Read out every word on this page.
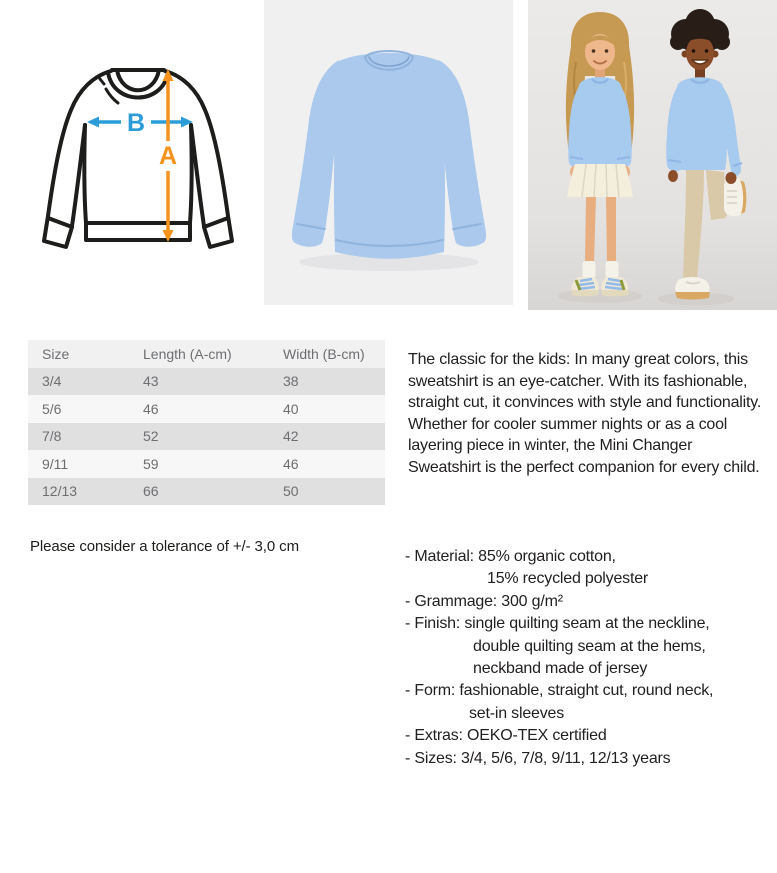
B
A
Size	Length (A-cm)	Width (B-cm)
3/4	43	38
5/6	46	40
7/8	52	42
9/11	59	46
12/13	66	50

Please consider a tolerance of +/- 3,0 cm

The classic for the kids: In many great colors, this sweatshirt is an eye-catcher. With its fashionable, straight cut, it convinces with style and functionality. Whether for cooler summer nights or as a cool layering piece in winter, the Mini Changer Sweatshirt is the perfect companion for every child.

- Material: 85% organic cotton,
15% recycled polyester
- Grammage: 300 g/m²
- Finish: single quilting seam at the neckline,
double quilting seam at the hems,
neckband made of jersey
- Form: fashionable, straight cut, round neck,
set-in sleeves
- Extras: OEKO-TEX certified
- Sizes: 3/4, 5/6, 7/8, 9/11, 12/13 years
